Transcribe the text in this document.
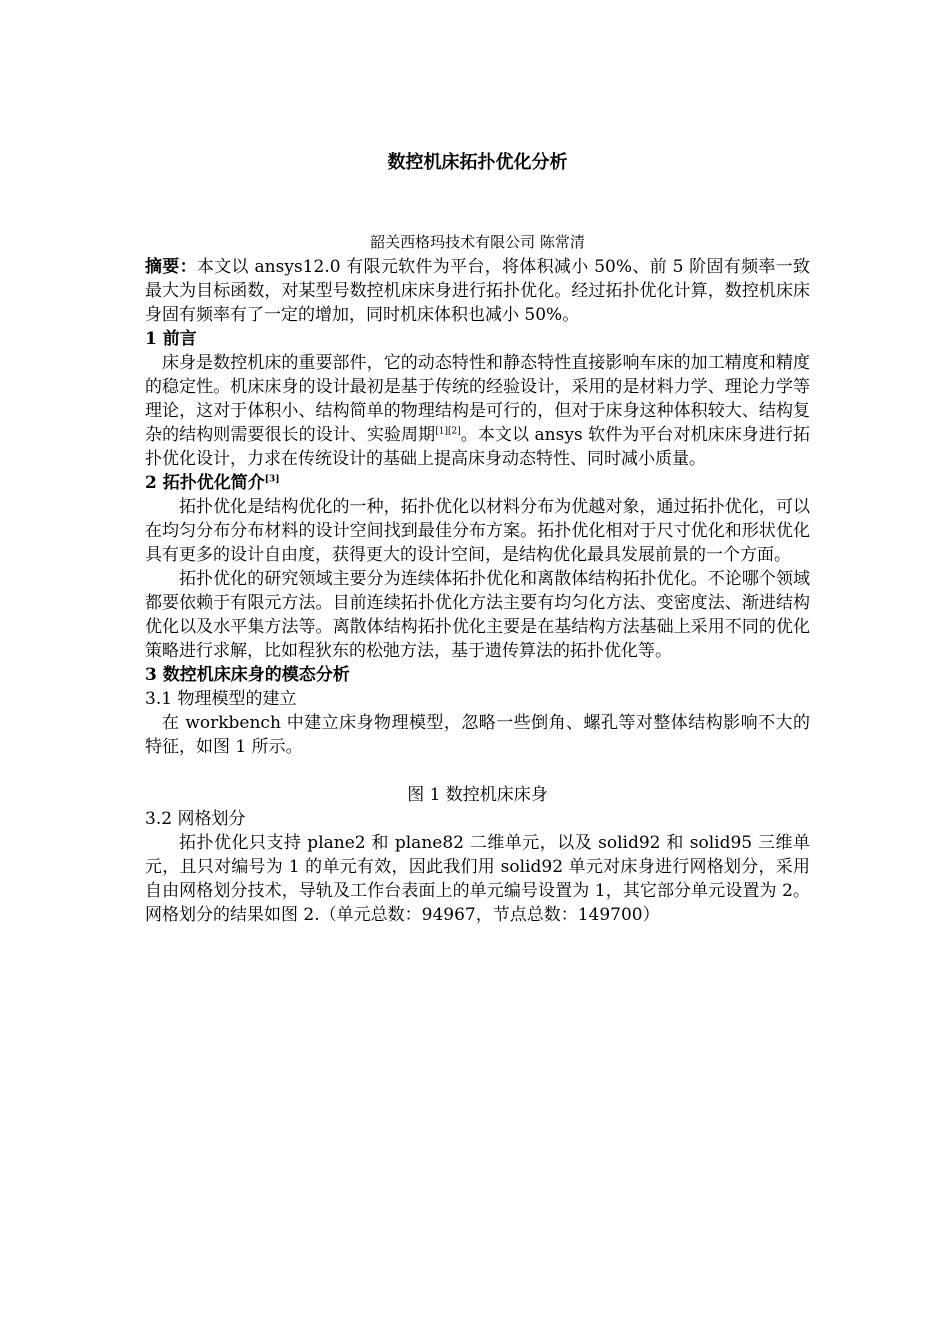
数控机床拓扑优化分析
韶关西格玛技术有限公司 陈常清

摘要：本文以 ansys12.0 有限元软件为平台，将体积减小 50%、前 5 阶固有频率一致最大为目标函数，对某型号数控机床床身进行拓扑优化。经过拓扑优化计算，数控机床床身固有频率有了一定的增加，同时机床体积也减小 50%。

1 前言

床身是数控机床的重要部件，它的动态特性和静态特性直接影响车床的加工精度和精度的稳定性。机床床身的设计最初是基于传统的经验设计，采用的是材料力学、理论力学等理论，这对于体积小、结构简单的物理结构是可行的，但对于床身这种体积较大、结构复杂的结构则需要很长的设计、实验周期[1][2]。本文以 ansys 软件为平台对机床床身进行拓扑优化设计，力求在传统设计的基础上提高床身动态特性、同时减小质量。

2 拓扑优化简介[3]

拓扑优化是结构优化的一种，拓扑优化以材料分布为优越对象，通过拓扑优化，可以在均匀分布分布材料的设计空间找到最佳分布方案。拓扑优化相对于尺寸优化和形状优化具有更多的设计自由度，获得更大的设计空间，是结构优化最具发展前景的一个方面。

拓扑优化的研究领域主要分为连续体拓扑优化和离散体结构拓扑优化。不论哪个领域都要依赖于有限元方法。目前连续拓扑优化方法主要有均匀化方法、变密度法、渐进结构优化以及水平集方法等。离散体结构拓扑优化主要是在基结构方法基础上采用不同的优化策略进行求解，比如程狄东的松弛方法，基于遗传算法的拓扑优化等。

3 数控机床床身的模态分析
3.1 物理模型的建立

在 workbench 中建立床身物理模型，忽略一些倒角、螺孔等对整体结构影响不大的特征，如图 1 所示。

图 1 数控机床床身
3.2 网格划分

拓扑优化只支持 plane2 和 plane82 二维单元，以及 solid92 和 solid95 三维单元，且只对编号为 1 的单元有效，因此我们用 solid92 单元对床身进行网格划分，采用自由网格划分技术，导轨及工作台表面上的单元编号设置为 1，其它部分单元设置为 2。网格划分的结果如图 2.（单元总数：94967，节点总数：149700）
